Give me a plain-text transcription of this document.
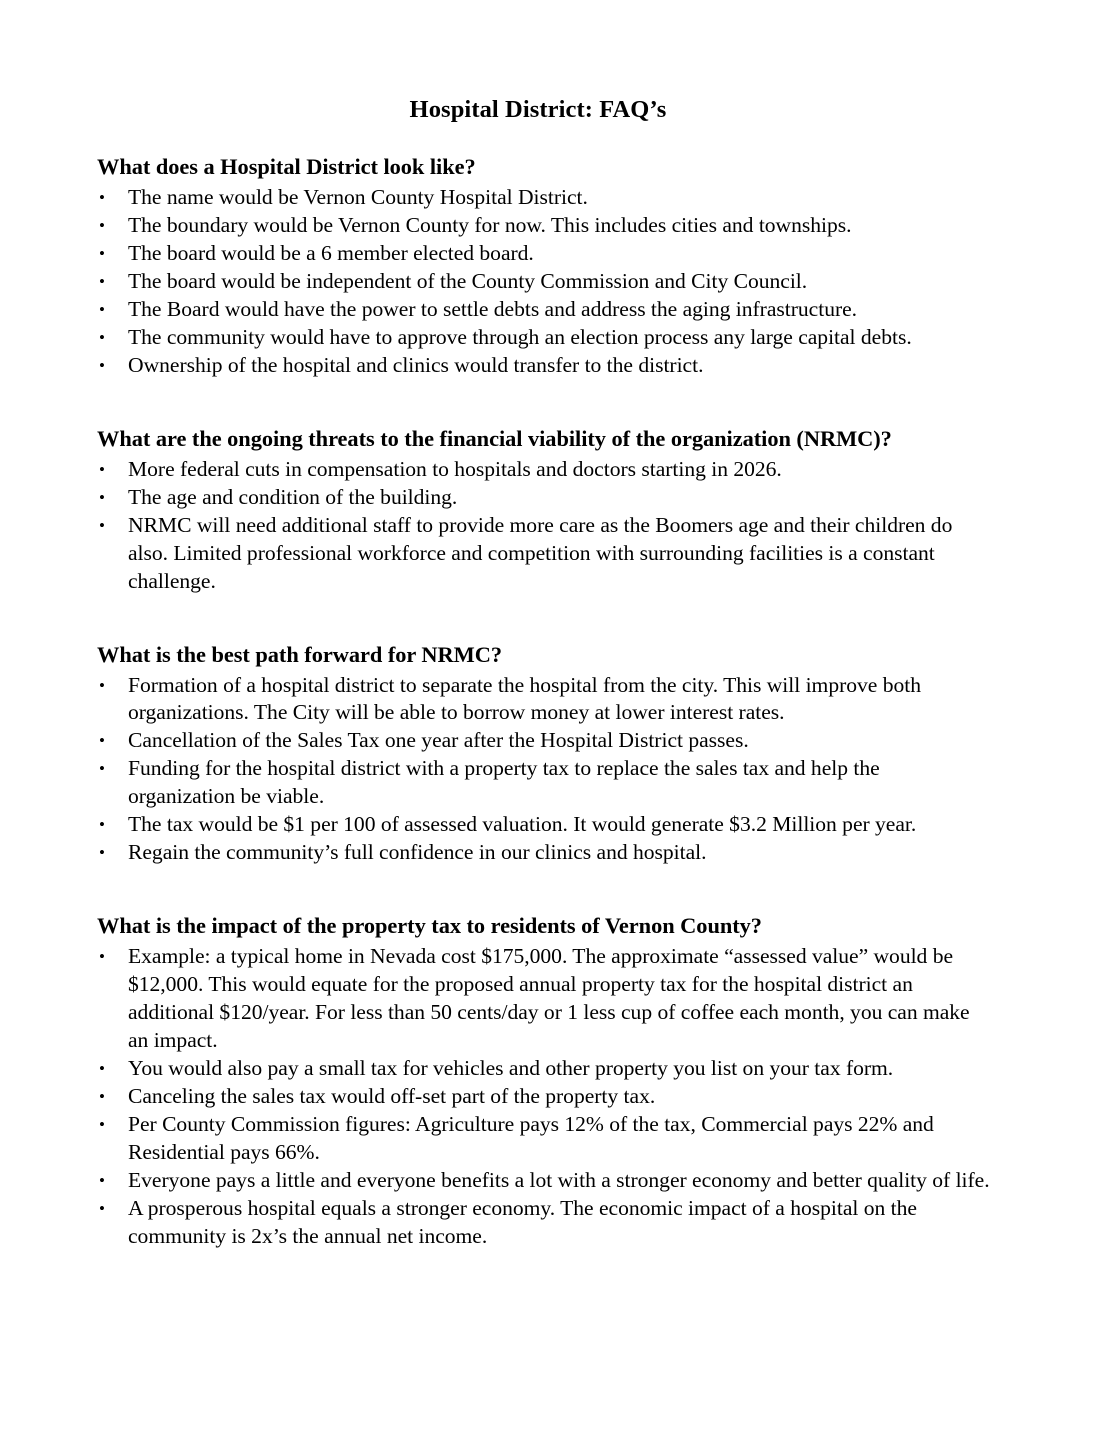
Hospital District: FAQ’s
What does a Hospital District look like?
• The name would be Vernon County Hospital District.
• The boundary would be Vernon County for now. This includes cities and townships.
• The board would be a 6 member elected board.
• The board would be independent of the County Commission and City Council.
• The Board would have the power to settle debts and address the aging infrastructure.
• The community would have to approve through an election process any large capital debts.
• Ownership of the hospital and clinics would transfer to the district.
What are the ongoing threats to the financial viability of the organization (NRMC)?
• More federal cuts in compensation to hospitals and doctors starting in 2026.
• The age and condition of the building.
• NRMC will need additional staff to provide more care as the Boomers age and their children do also. Limited professional workforce and competition with surrounding facilities is a constant challenge.
What is the best path forward for NRMC?
• Formation of a hospital district to separate the hospital from the city. This will improve both organizations. The City will be able to borrow money at lower interest rates.
• Cancellation of the Sales Tax one year after the Hospital District passes.
• Funding for the hospital district with a property tax to replace the sales tax and help the organization be viable.
• The tax would be $1 per 100 of assessed valuation. It would generate $3.2 Million per year.
• Regain the community’s full confidence in our clinics and hospital.
What is the impact of the property tax to residents of Vernon County?
• Example: a typical home in Nevada cost $175,000. The approximate “assessed value” would be $12,000. This would equate for the proposed annual property tax for the hospital district an additional $120/year. For less than 50 cents/day or 1 less cup of coffee each month, you can make an impact.
• You would also pay a small tax for vehicles and other property you list on your tax form.
• Canceling the sales tax would off-set part of the property tax.
• Per County Commission figures: Agriculture pays 12% of the tax, Commercial pays 22% and Residential pays 66%.
• Everyone pays a little and everyone benefits a lot with a stronger economy and better quality of life.
• A prosperous hospital equals a stronger economy. The economic impact of a hospital on the community is 2x’s the annual net income.
